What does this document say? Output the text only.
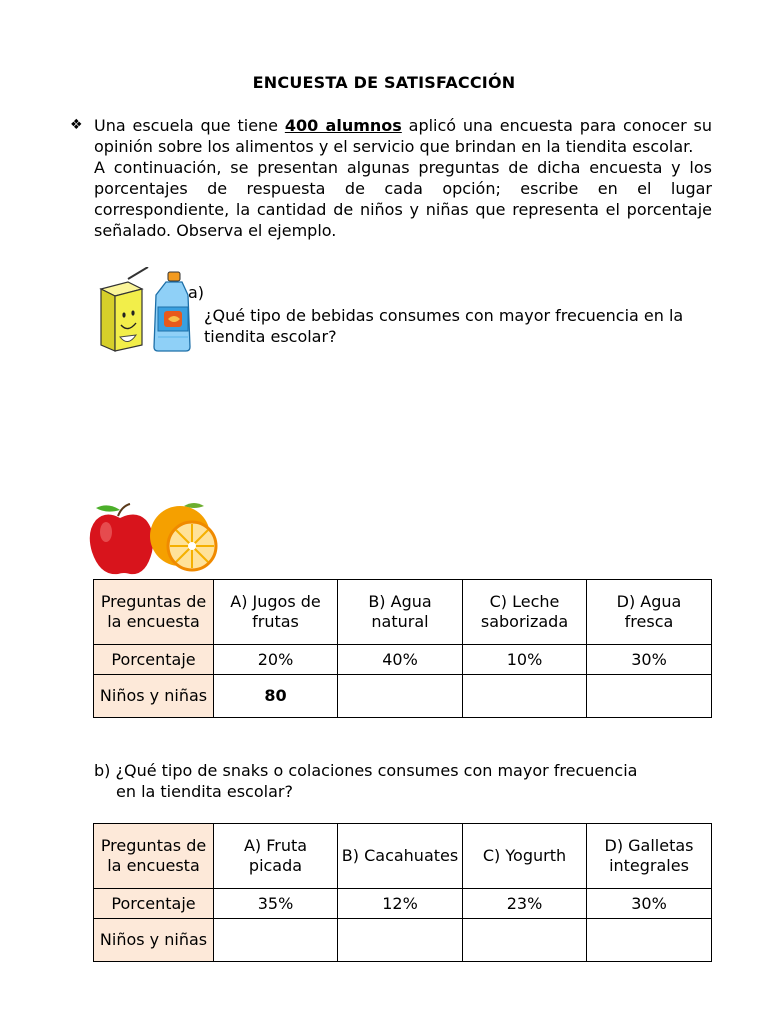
ENCUESTA DE SATISFACCIÓN
❖ Una escuela que tiene 400 alumnos aplicó una encuesta para conocer su opinión sobre los alimentos y el servicio que brindan en la tiendita escolar.

A continuación, se presentan algunas preguntas de dicha encuesta y los porcentajes de respuesta de cada opción; escribe en el lugar correspondiente, la cantidad de niños y niñas que representa el porcentaje señalado. Observa el ejemplo.

a)
¿Qué tipo de bebidas consumes con mayor frecuencia en la tiendita escolar?
Preguntas de la encuesta	A) Jugos de frutas	B) Agua natural	C) Leche saborizada	D) Agua fresca
Porcentaje	20%	40%	10%	30%
Niños y niñas	80			
b) ¿Qué tipo de snaks o colaciones consumes con mayor frecuencia
en la tiendita escolar?
Preguntas de la encuesta	A) Fruta picada	B) Cacahuates	C) Yogurth	D) Galletas integrales
Porcentaje	35%	12%	23%	30%
Niños y niñas				
